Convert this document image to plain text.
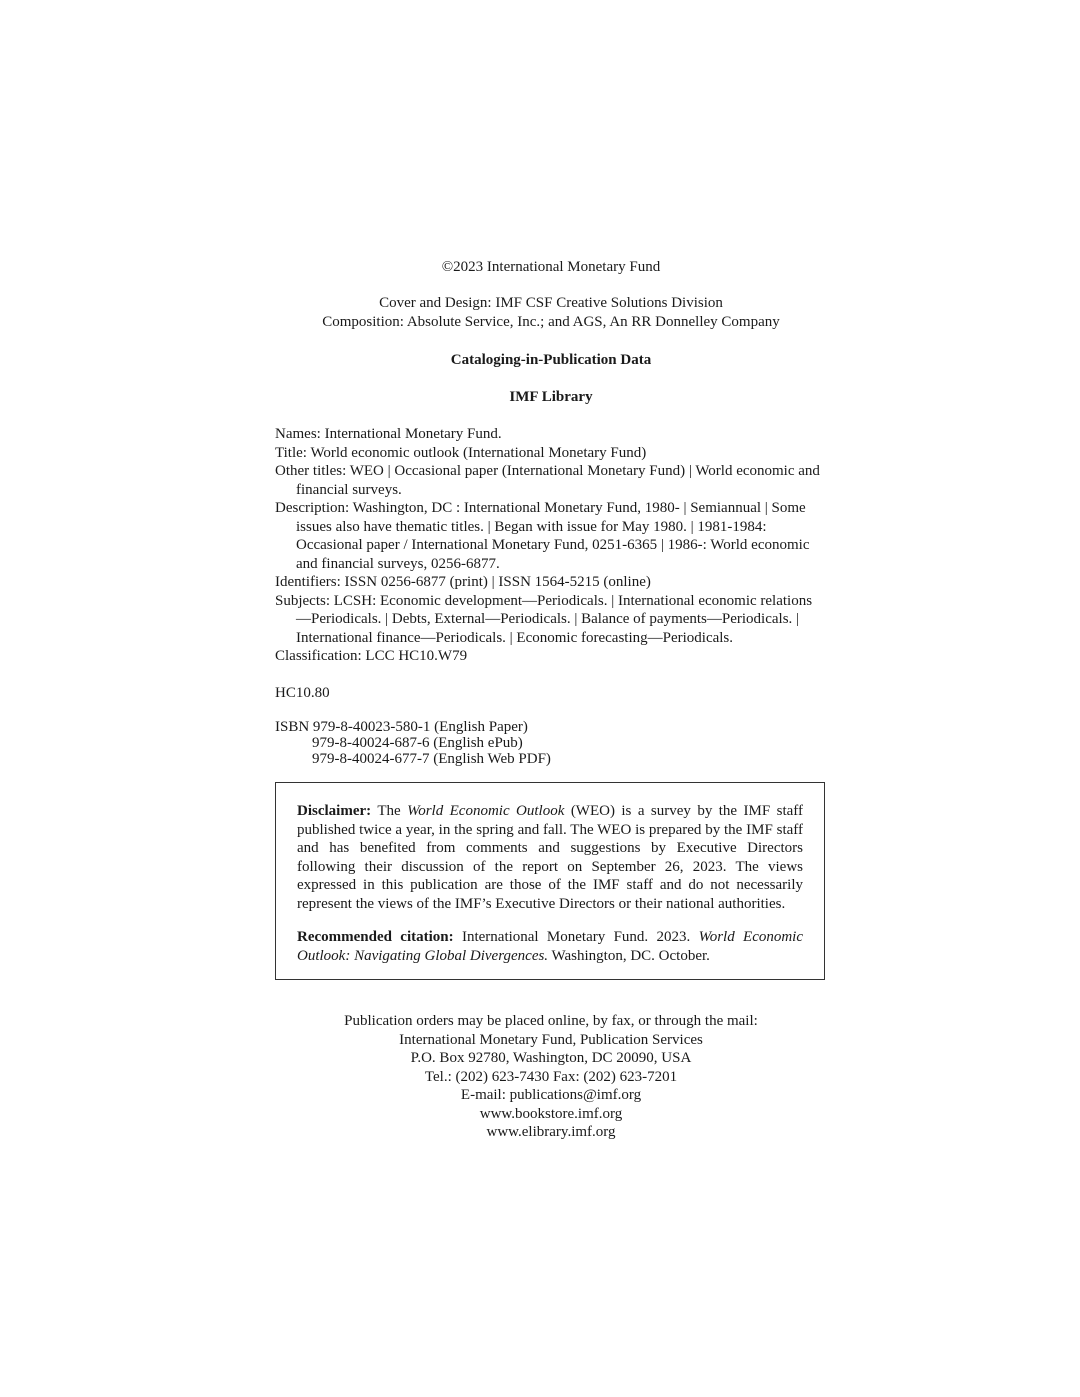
©2023 International Monetary Fund
Cover and Design: IMF CSF Creative Solutions Division
Composition: Absolute Service, Inc.; and AGS, An RR Donnelley Company
Cataloging-in-Publication Data
IMF Library

Names: International Monetary Fund.

Title: World economic outlook (International Monetary Fund)

Other titles: WEO | Occasional paper (International Monetary Fund) | World economic and financial surveys.

Description: Washington, DC : International Monetary Fund, 1980- | Semiannual | Some issues also have thematic titles. | Began with issue for May 1980. | 1981-1984: Occasional paper / International Monetary Fund, 0251-6365 | 1986-: World economic and financial surveys, 0256-6877.

Identifiers: ISSN 0256-6877 (print) | ISSN 1564-5215 (online)

Subjects: LCSH: Economic development—Periodicals. | International economic relations—Periodicals. | Debts, External—Periodicals. | Balance of payments—Periodicals. | International finance—Periodicals. | Economic forecasting—Periodicals.

Classification: LCC HC10.W79

HC10.80
ISBN 979-8-40023-580-1 (English Paper)
979-8-40024-687-6 (English ePub)
979-8-40024-677-7 (English Web PDF)

Disclaimer: The World Economic Outlook (WEO) is a survey by the IMF staff published twice a year, in the spring and fall. The WEO is prepared by the IMF staff and has benefited from comments and suggestions by Executive Directors following their discussion of the report on September 26, 2023. The views expressed in this publication are those of the IMF staff and do not necessarily represent the views of the IMF’s Executive Directors or their national authorities.

Recommended citation: International Monetary Fund. 2023. World Economic Outlook: Navigating Global Divergences. Washington, DC. October.

Publication orders may be placed online, by fax, or through the mail:
International Monetary Fund, Publication Services
P.O. Box 92780, Washington, DC 20090, USA
Tel.: (202) 623-7430 Fax: (202) 623-7201
E-mail: publications@imf.org
www.bookstore.imf.org
www.elibrary.imf.org
